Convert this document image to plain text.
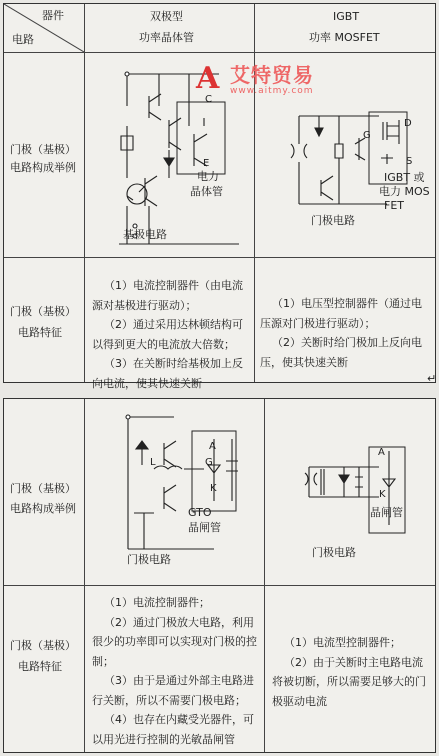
器件
电路
双极型
功率晶体管
IGBT
功率 MOSFET
门极（基极）
电路构成举例
C
E
电力
晶体管
基极电路
G
D
S
IGBT 或
电力 MOS
FET
门极电路
门极（基极）
电路特征

（1）电流控制器件（由电流源对基极进行驱动）；

（2）通过采用达林顿结构可以得到更大的电流放大倍数；

（3）在关断时给基极加上反向电流，使其快速关断

（1）电压型控制器件（通过电压源对门极进行驱动）；

（2）关断时给门极加上反向电压，使其快速关断

↵
门极（基极）
电路构成举例
L
A
G
K
GTO
晶闸管
门极电路
A
K
晶闸管
门极电路
门极（基极）
电路特征

（1）电流控制器件；

（2）通过门极放大电路，利用很少的功率即可以实现对门极的控制；

（3）由于是通过外部主电路进行关断，所以不需要门极电路；

（4）也存在内藏受光器件，可以用光进行控制的光敏晶闸管

（1）电流型控制器件；

（2）由于关断时主电路电流将被切断，所以需要足够大的门极驱动电流

A 艾特贸易
www.aitmy.com
